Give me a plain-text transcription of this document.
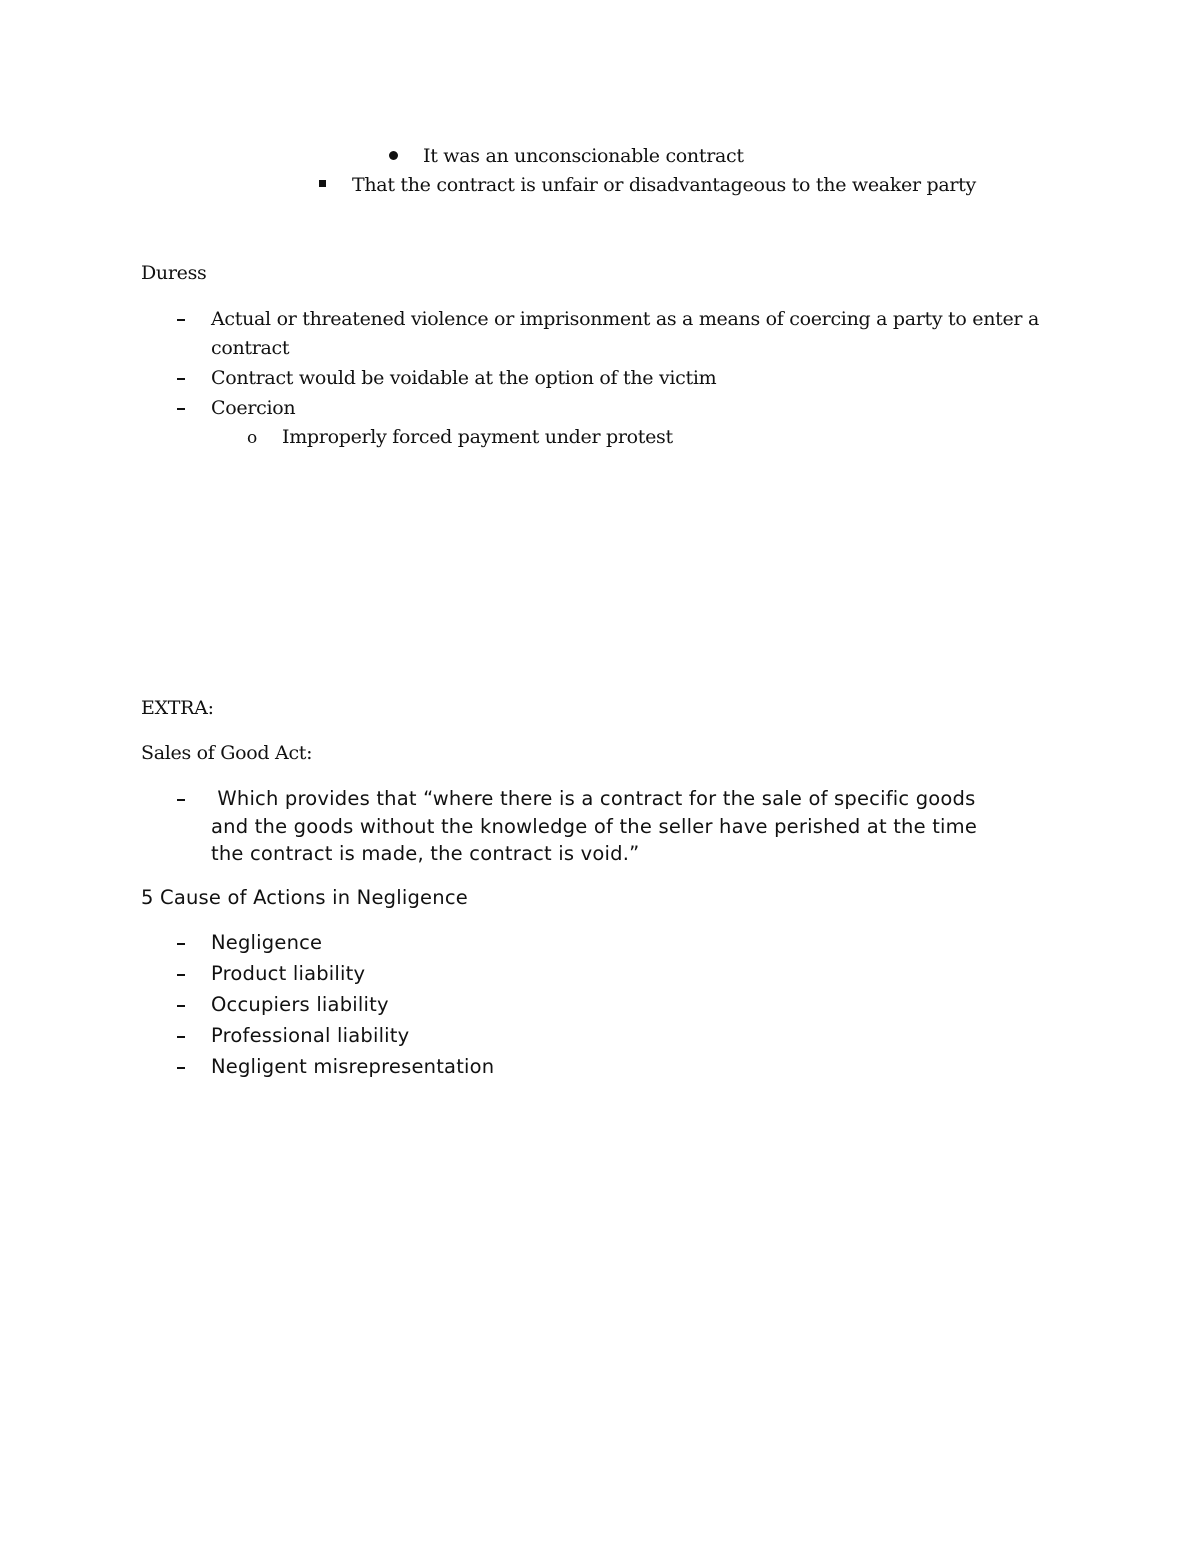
It was an unconscionable contract
That the contract is unfair or disadvantageous to the weaker party
Duress
Actual or threatened violence or imprisonment as a means of coercing a party to enter a
contract
Contract would be voidable at the option of the victim
Coercion
o Improperly forced payment under protest
EXTRA:
Sales of Good Act:
Which provides that “where there is a contract for the sale of specific goods
and the goods without the knowledge of the seller have perished at the time
the contract is made, the contract is void.”
5 Cause of Actions in Negligence
Negligence
Product liability
Occupiers liability
Professional liability
Negligent misrepresentation
